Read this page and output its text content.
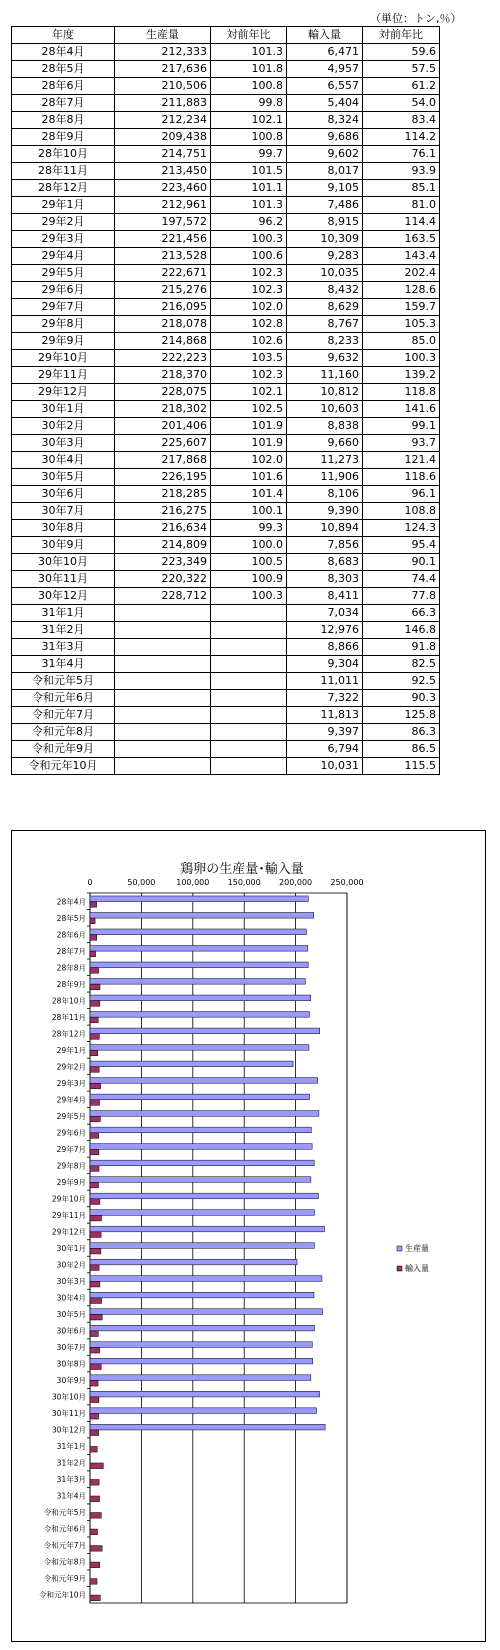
（単位：トン,％）
年度	生産量	対前年比	輸入量	対前年比
28年4月	212,333	101.3	6,471	59.6
28年5月	217,636	101.8	4,957	57.5
28年6月	210,506	100.8	6,557	61.2
28年7月	211,883	99.8	5,404	54.0
28年8月	212,234	102.1	8,324	83.4
28年9月	209,438	100.8	9,686	114.2
28年10月	214,751	99.7	9,602	76.1
28年11月	213,450	101.5	8,017	93.9
28年12月	223,460	101.1	9,105	85.1
29年1月	212,961	101.3	7,486	81.0
29年2月	197,572	96.2	8,915	114.4
29年3月	221,456	100.3	10,309	163.5
29年4月	213,528	100.6	9,283	143.4
29年5月	222,671	102.3	10,035	202.4
29年6月	215,276	102.3	8,432	128.6
29年7月	216,095	102.0	8,629	159.7
29年8月	218,078	102.8	8,767	105.3
29年9月	214,868	102.6	8,233	85.0
29年10月	222,223	103.5	9,632	100.3
29年11月	218,370	102.3	11,160	139.2
29年12月	228,075	102.1	10,812	118.8
30年1月	218,302	102.5	10,603	141.6
30年2月	201,406	101.9	8,838	99.1
30年3月	225,607	101.9	9,660	93.7
30年4月	217,868	102.0	11,273	121.4
30年5月	226,195	101.6	11,906	118.6
30年6月	218,285	101.4	8,106	96.1
30年7月	216,275	100.1	9,390	108.8
30年8月	216,634	99.3	10,894	124.3
30年9月	214,809	100.0	7,856	95.4
30年10月	223,349	100.5	8,683	90.1
30年11月	220,322	100.9	8,303	74.4
30年12月	228,712	100.3	8,411	77.8
31年1月			7,034	66.3
31年2月			12,976	146.8
31年3月			8,866	91.8
31年4月			9,304	82.5
令和元年5月			11,011	92.5
令和元年6月			7,322	90.3
令和元年7月			11,813	125.8
令和元年8月			9,397	86.3
令和元年9月			6,794	86.5
令和元年10月			10,031	115.5
鶏卵の生産量･輸入量
0	50,000	100,000 150,000 200,000 250,000
28年4月
28年5月
28年6月
28年7月
28年8月
28年9月
28年10月
28年11月
28年12月
29年1月
29年2月
29年3月
29年4月
29年5月
29年6月
29年7月
29年8月
29年9月
29年10月
29年11月
29年12月
30年1月
30年2月
30年3月
30年4月
30年5月
30年6月
30年7月
30年8月
30年9月
30年10月
30年11月
30年12月
31年1月
31年2月
31年3月
31年4月
令和元年5月
令和元年6月
令和元年7月
令和元年8月
令和元年9月
令和元年10月
生産量
輸入量
